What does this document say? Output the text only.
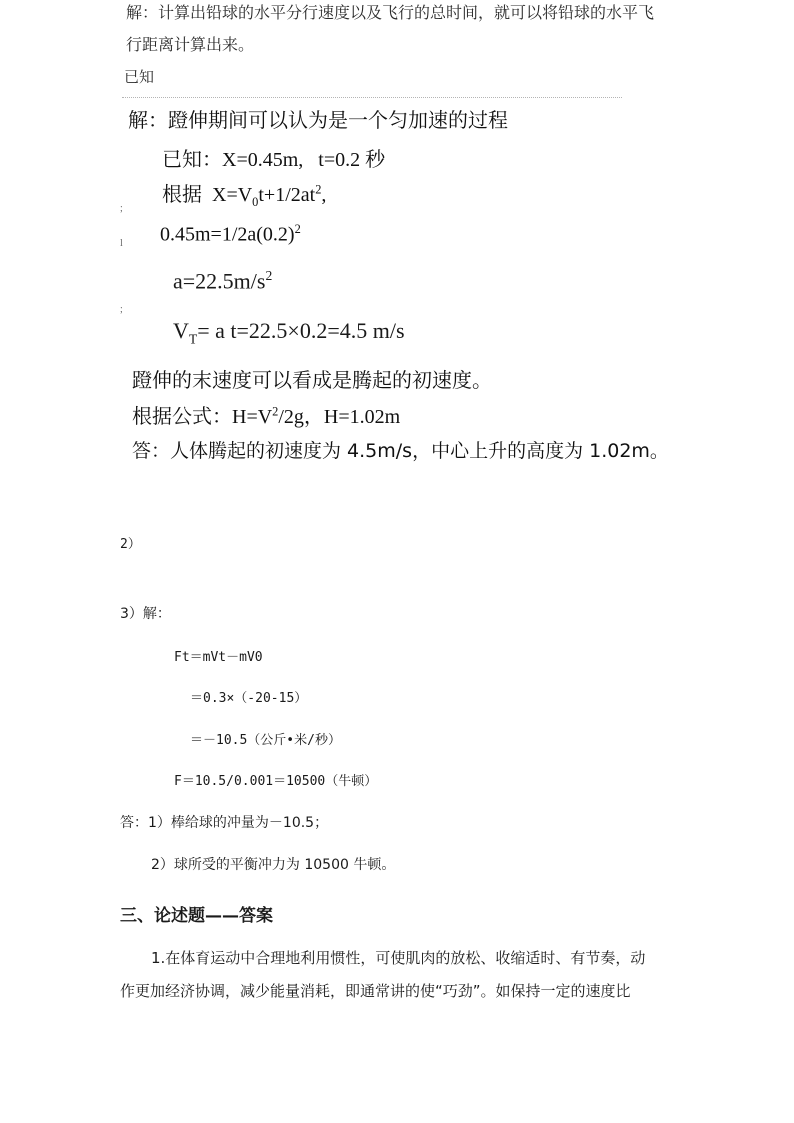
解：计算出铅球的水平分行速度以及飞行的总时间，就可以将铅球的水平飞
行距离计算出来。
已知
;
l
;
解：蹬伸期间可以认为是一个匀加速的过程
已知：X=0.45m, t=0.2 秒
根据 $X=V_0t+1/2at^2$,
$0.45m=1/2a(0.2)^2$
$a=22.5m/s^2$
$V_T= a$ t=22.5×0.2=4.5 m/s
蹬伸的末速度可以看成是腾起的初速度。
根据公式：$H=V^2/2g$，H=1.02m
答：人体腾起的初速度为 4.5m/s，中心上升的高度为 1.02m。
2）
3）解：
Ft＝mVt－mV0
＝0.3×（-20-15）
＝－10.5（公斤•米/秒）
F＝10.5/0.001＝10500（牛顿）
答：1）棒给球的冲量为－10.5；
2）球所受的平衡冲力为 10500 牛顿。
三、论述题——答案
1.在体育运动中合理地利用惯性，可使肌肉的放松、收缩适时、有节奏，动
作更加经济协调，减少能量消耗，即通常讲的使“巧劲”。如保持一定的速度比
